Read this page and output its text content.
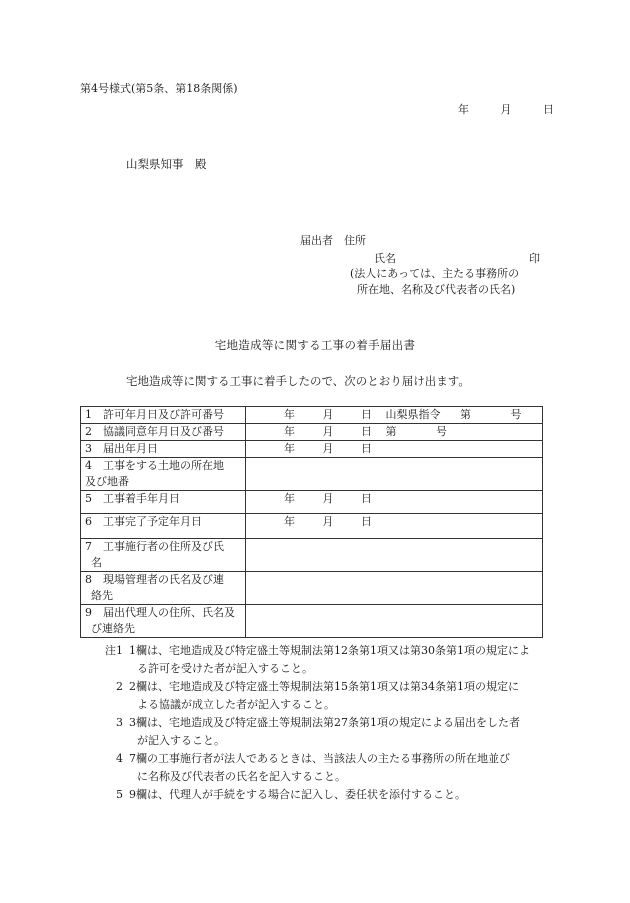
第4号様式(第5条、第18条関係)
年	月	日
山梨県知事　殿
届出者　住所
氏名	印
(法人にあっては、主たる事務所の
所在地、名称及び代表者の氏名)
宅地造成等に関する工事の着手届出書
宅地造成等に関する工事に着手したので、次のとおり届け出ます。
1　許可年月日及び許可番号	年 月 日 山梨県指令 第 号
2　協議同意年月日及び番号	年 月 日 第 号
3　届出年月日	年 月 日

4　工事をする土地の所在地
及び地番	

5　工事着手年月日	年 月 日
6　工事完了予定年月日	年 月 日

7　工事施行者の住所及び氏
名	

8　現場管理者の氏名及び連
絡先	

9　届出代理人の住所、氏名及
び連絡先	

注1 1欄は、宅地造成及び特定盛土等規制法第12条第1項又は第30条第1項の規定によ
る許可を受けた者が記入すること。
2 2欄は、宅地造成及び特定盛土等規制法第15条第1項又は第34条第1項の規定に
よる協議が成立した者が記入すること。
3 3欄は、宅地造成及び特定盛土等規制法第27条第1項の規定による届出をした者
が記入すること。
4 7欄の工事施行者が法人であるときは、当該法人の主たる事務所の所在地並び
に名称及び代表者の氏名を記入すること。
5 9欄は、代理人が手続をする場合に記入し、委任状を添付すること。
